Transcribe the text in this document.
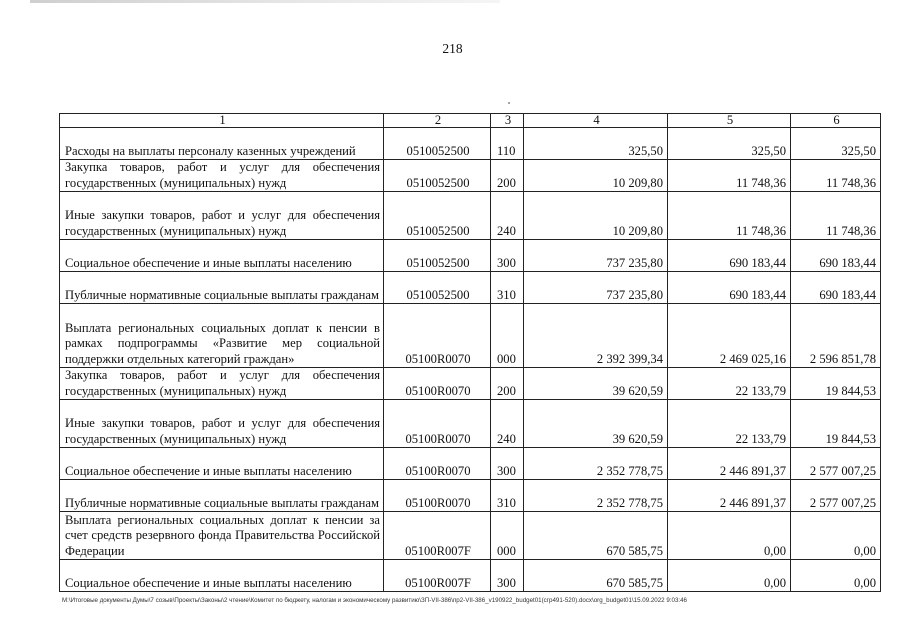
218
1	2	3	4	5	6
Расходы на выплаты персоналу казенных учреждений	0510052500	110	325,50	325,50	325,50
Закупка товаров, работ и услуг для обеспечения государственных (муниципальных) нужд	0510052500	200	10 209,80	11 748,36	11 748,36
Иные закупки товаров, работ и услуг для обеспечения государственных (муниципальных) нужд	0510052500	240	10 209,80	11 748,36	11 748,36
Социальное обеспечение и иные выплаты населению	0510052500	300	737 235,80	690 183,44	690 183,44
Публичные нормативные социальные выплаты гражданам	0510052500	310	737 235,80	690 183,44	690 183,44
Выплата региональных социальных доплат к пенсии в рамках подпрограммы «Развитие мер социальной поддержки отдельных категорий граждан»	05100R0070	000	2 392 399,34	2 469 025,16	2 596 851,78
Закупка товаров, работ и услуг для обеспечения государственных (муниципальных) нужд	05100R0070	200	39 620,59	22 133,79	19 844,53
Иные закупки товаров, работ и услуг для обеспечения государственных (муниципальных) нужд	05100R0070	240	39 620,59	22 133,79	19 844,53
Социальное обеспечение и иные выплаты населению	05100R0070	300	2 352 778,75	2 446 891,37	2 577 007,25
Публичные нормативные социальные выплаты гражданам	05100R0070	310	2 352 778,75	2 446 891,37	2 577 007,25
Выплата региональных социальных доплат к пенсии за счет средств резервного фонда Правительства Российской Федерации	05100R007F	000	670 585,75	0,00	0,00
Социальное обеспечение и иные выплаты населению	05100R007F	300	670 585,75	0,00	0,00
M:\Итоговые документы Думы\7 созыв\Проекты\Законы\2 чтение\Комитет по бюджету, налогам и экономическому развитию\ЗП-VII-386\пр2-VII-386_v190922_budget01(сгр491-520).docx\org_budget01\15.09.2022 9:03:46
